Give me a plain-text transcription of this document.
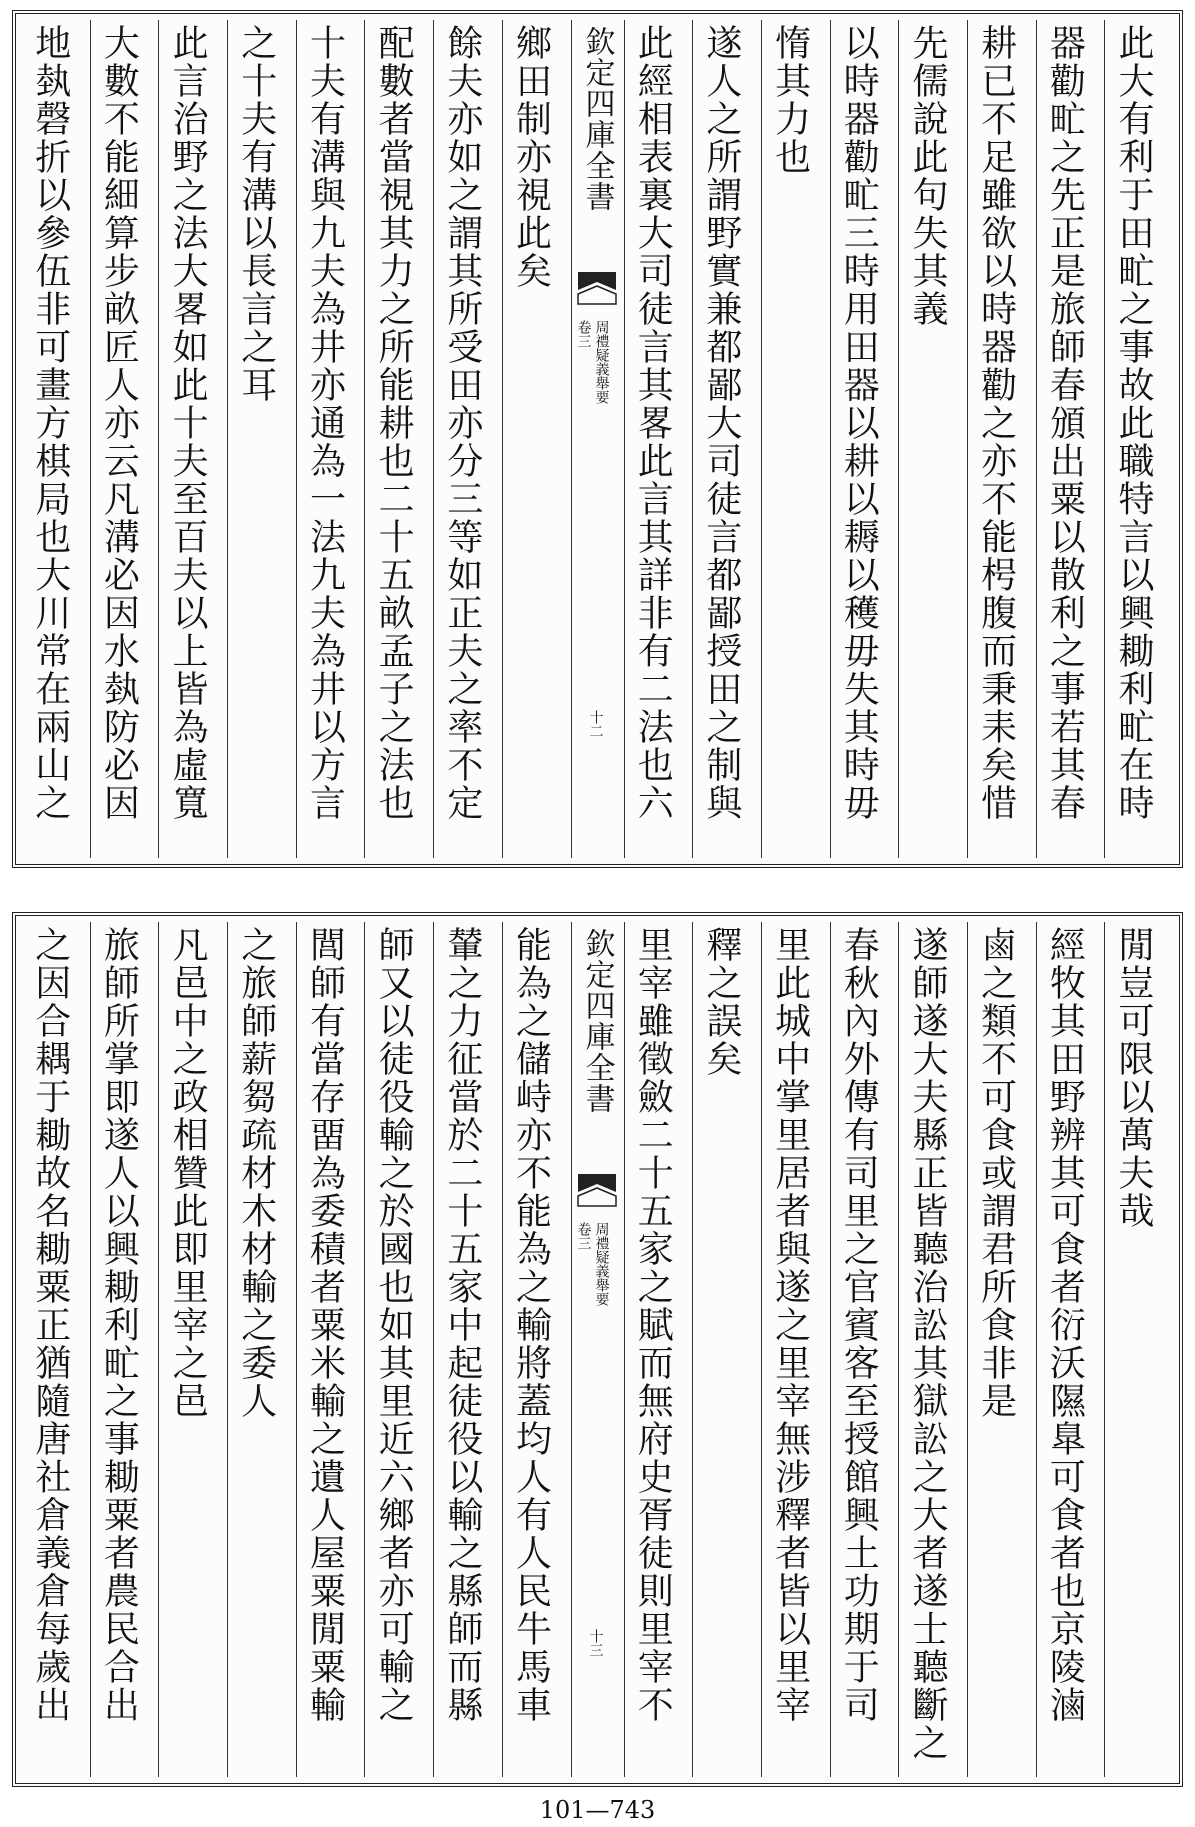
此大有利于田甿之事故此職特言以興耡利甿在時
器勸甿之先正是旅師春頒出粟以散利之事若其春
耕已不足雖欲以時器勸之亦不能枵腹而秉耒矣惜
先儒說此句失其義
以時器勸甿三時用田器以耕以耨以穫毋失其時毋
惰其力也
遂人之所謂野實兼都鄙大司徒言都鄙授田之制與
此經相表裏大司徒言其畧此言其詳非有二法也六
欽定四庫全書
周禮疑義舉要
卷三
十二
鄉田制亦視此矣
餘夫亦如之謂其所受田亦分三等如正夫之率不定
配數者當視其力之所能耕也二十五畝孟子之法也
十夫有溝與九夫為井亦通為一法九夫為井以方言
之十夫有溝以長言之耳
此言治野之法大畧如此十夫至百夫以上皆為虛寬
大數不能細算步畝匠人亦云凡溝必因水埶防必因
地埶磬折以參伍非可畫方棋局也大川常在兩山之
閒豈可限以萬夫哉
經牧其田野辨其可食者衍沃隰臯可食者也京陵滷
鹵之類不可食或謂君所食非是
遂師遂大夫縣正皆聽治訟其獄訟之大者遂士聽斷之
春秋內外傳有司里之官賓客至授館興土功期于司
里此城中掌里居者與遂之里宰無涉釋者皆以里宰
釋之誤矣
里宰雖徵斂二十五家之賦而無府史胥徒則里宰不
欽定四庫全書
周禮疑義舉要
卷三
十三
能為之儲峙亦不能為之輸將蓋均人有人民牛馬車
輦之力征當於二十五家中起徒役以輸之縣師而縣
師又以徒役輸之於國也如其里近六鄉者亦可輸之
閭師有當存畱為委積者粟米輸之遺人屋粟閒粟輸
之旅師薪芻疏材木材輸之委人
凡邑中之政相贊此即里宰之邑
旅師所掌即遂人以興耡利甿之事耡粟者農民合出
之因合耦于耡故名耡粟正猶隨唐社倉義倉每歲出
101—743
